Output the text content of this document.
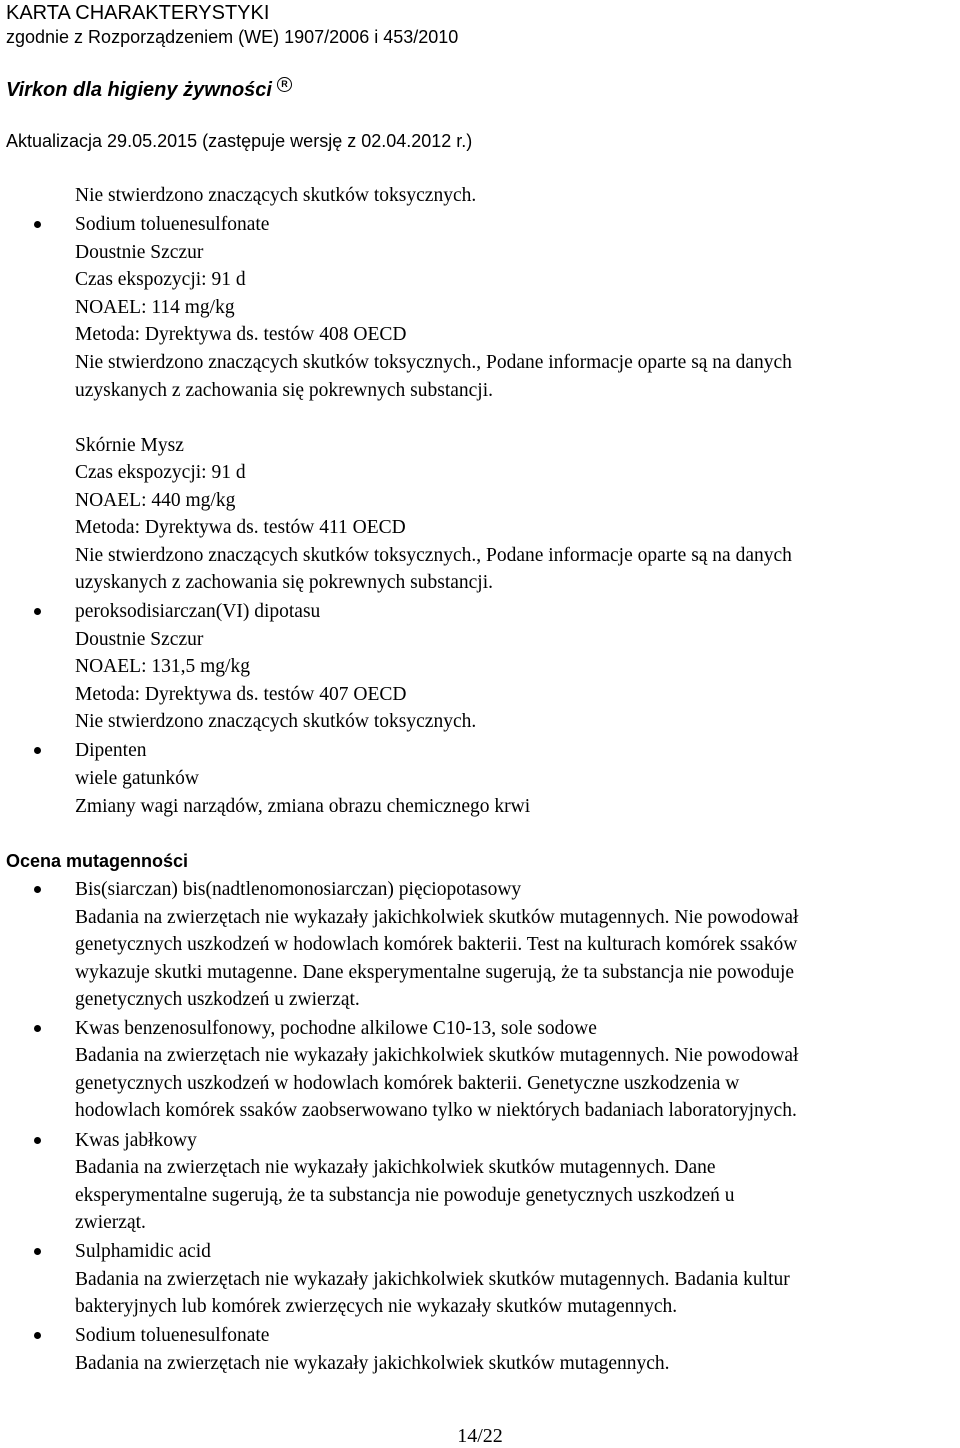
KARTA CHARAKTERYSTYKI
zgodnie z Rozporządzeniem (WE) 1907/2006 i 453/2010
Virkon dla higieny żywności R
Aktualizacja 29.05.2015 (zastępuje wersję z 02.04.2012 r.)
Nie stwierdzono znaczących skutków toksycznych.
Sodium toluenesulfonate
Doustnie Szczur
Czas ekspozycji: 91 d
NOAEL: 114 mg/kg
Metoda: Dyrektywa ds. testów 408 OECD
Nie stwierdzono znaczących skutków toksycznych., Podane informacje oparte są na danych
uzyskanych z zachowania się pokrewnych substancji.
Skórnie Mysz
Czas ekspozycji: 91 d
NOAEL: 440 mg/kg
Metoda: Dyrektywa ds. testów 411 OECD
Nie stwierdzono znaczących skutków toksycznych., Podane informacje oparte są na danych
uzyskanych z zachowania się pokrewnych substancji.
peroksodisiarczan(VI) dipotasu
Doustnie Szczur
NOAEL: 131,5 mg/kg
Metoda: Dyrektywa ds. testów 407 OECD
Nie stwierdzono znaczących skutków toksycznych.
Dipenten
wiele gatunków
Zmiany wagi narządów, zmiana obrazu chemicznego krwi
Ocena mutagenności
Bis(siarczan) bis(nadtlenomonosiarczan) pięciopotasowy
Badania na zwierzętach nie wykazały jakichkolwiek skutków mutagennych. Nie powodował
genetycznych uszkodzeń w hodowlach komórek bakterii. Test na kulturach komórek ssaków
wykazuje skutki mutagenne. Dane eksperymentalne sugerują, że ta substancja nie powoduje
genetycznych uszkodzeń u zwierząt.
Kwas benzenosulfonowy, pochodne alkilowe C10-13, sole sodowe
Badania na zwierzętach nie wykazały jakichkolwiek skutków mutagennych. Nie powodował
genetycznych uszkodzeń w hodowlach komórek bakterii. Genetyczne uszkodzenia w
hodowlach komórek ssaków zaobserwowano tylko w niektórych badaniach laboratoryjnych.
Kwas jabłkowy
Badania na zwierzętach nie wykazały jakichkolwiek skutków mutagennych. Dane
eksperymentalne sugerują, że ta substancja nie powoduje genetycznych uszkodzeń u
zwierząt.
Sulphamidic acid
Badania na zwierzętach nie wykazały jakichkolwiek skutków mutagennych. Badania kultur
bakteryjnych lub komórek zwierzęcych nie wykazały skutków mutagennych.
Sodium toluenesulfonate
Badania na zwierzętach nie wykazały jakichkolwiek skutków mutagennych.
14/22
